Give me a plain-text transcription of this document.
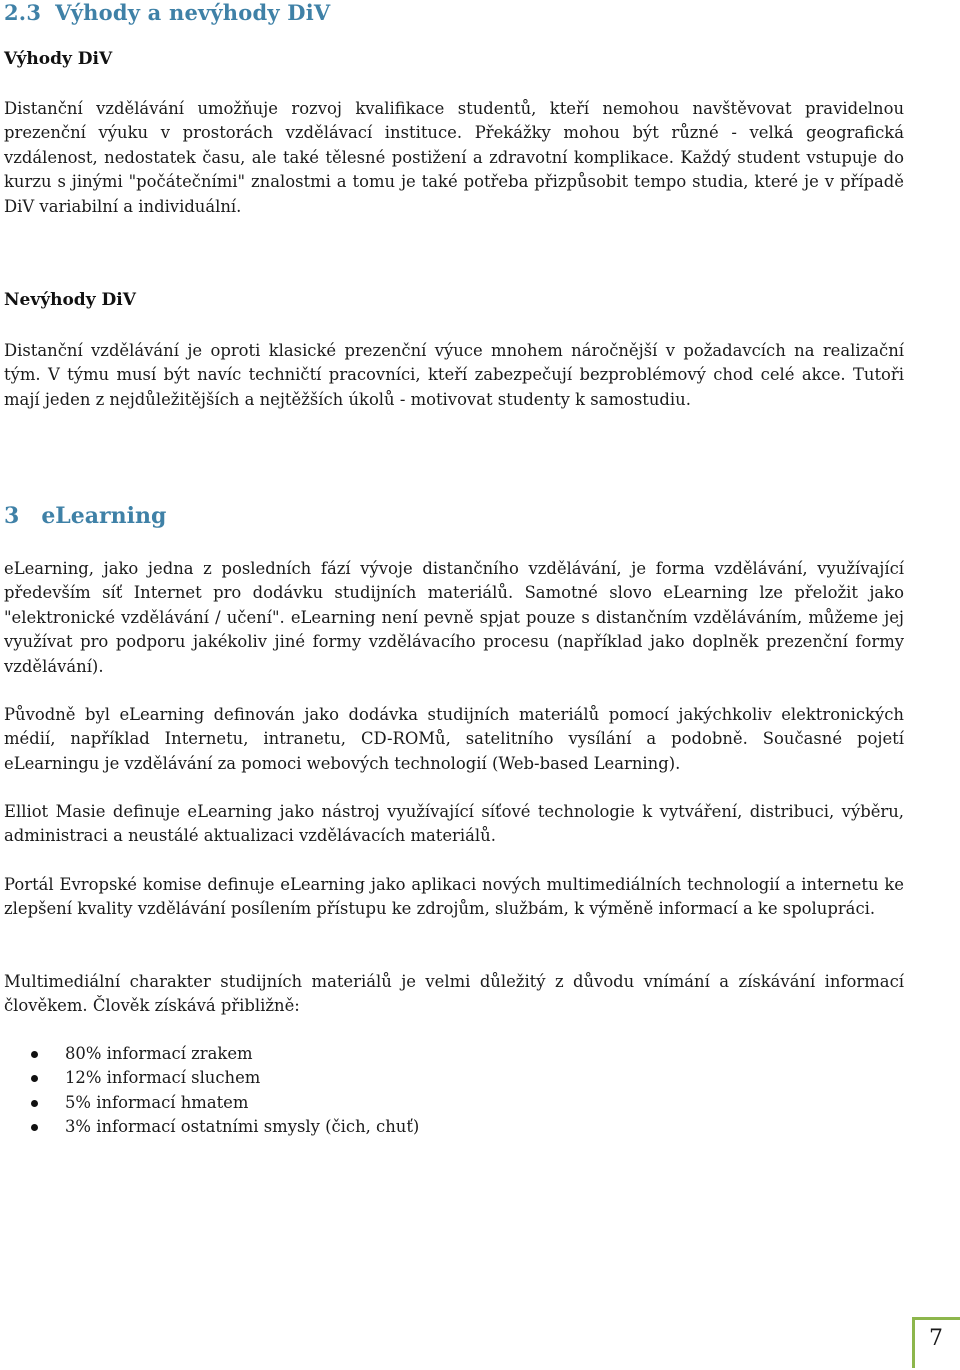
2.3 Výhody a nevýhody DiV
Výhody DiV

Distanční vzdělávání umožňuje rozvoj kvalifikace studentů, kteří nemohou navštěvovat pravidelnou prezenční výuku v prostorách vzdělávací instituce. Překážky mohou být různé - velká geografická vzdálenost, nedostatek času, ale také tělesné postižení a zdravotní komplikace. Každý student vstupuje do kurzu s jinými "počátečními" znalostmi a tomu je také potřeba přizpůsobit tempo studia, které je v případě DiV variabilní a individuální.

Nevýhody DiV

Distanční vzdělávání je oproti klasické prezenční výuce mnohem náročnější v požadavcích na realizační tým. V týmu musí být navíc techničtí pracovníci, kteří zabezpečují bezproblémový chod celé akce. Tutoři mají jeden z nejdůležitějších a nejtěžších úkolů - motivovat studenty k samostudiu.

3 eLearning

eLearning, jako jedna z posledních fází vývoje distančního vzdělávání, je forma vzdělávání, využívající především síť Internet pro dodávku studijních materiálů. Samotné slovo eLearning lze přeložit jako "elektronické vzdělávání / učení". eLearning není pevně spjat pouze s distančním vzděláváním, můžeme jej využívat pro podporu jakékoliv jiné formy vzdělávacího procesu (například jako doplněk prezenční formy vzdělávání).

Původně byl eLearning definován jako dodávka studijních materiálů pomocí jakýchkoliv elektronických médií, například Internetu, intranetu, CD-ROMů, satelitního vysílání a podobně. Současné pojetí eLearningu je vzdělávání za pomoci webových technologií (Web-based Learning).

Elliot Masie definuje eLearning jako nástroj využívající síťové technologie k vytváření, distribuci, výběru, administraci a neustálé aktualizaci vzdělávacích materiálů.

Portál Evropské komise definuje eLearning jako aplikaci nových multimediálních technologií a internetu ke zlepšení kvality vzdělávání posílením přístupu ke zdrojům, službám, k výměně informací a ke spolupráci.

Multimediální charakter studijních materiálů je velmi důležitý z důvodu vnímání a získávání informací člověkem. Člověk získává přibližně:

80% informací zrakem
12% informací sluchem
5% informací hmatem
3% informací ostatními smysly (čich, chuť)
7
